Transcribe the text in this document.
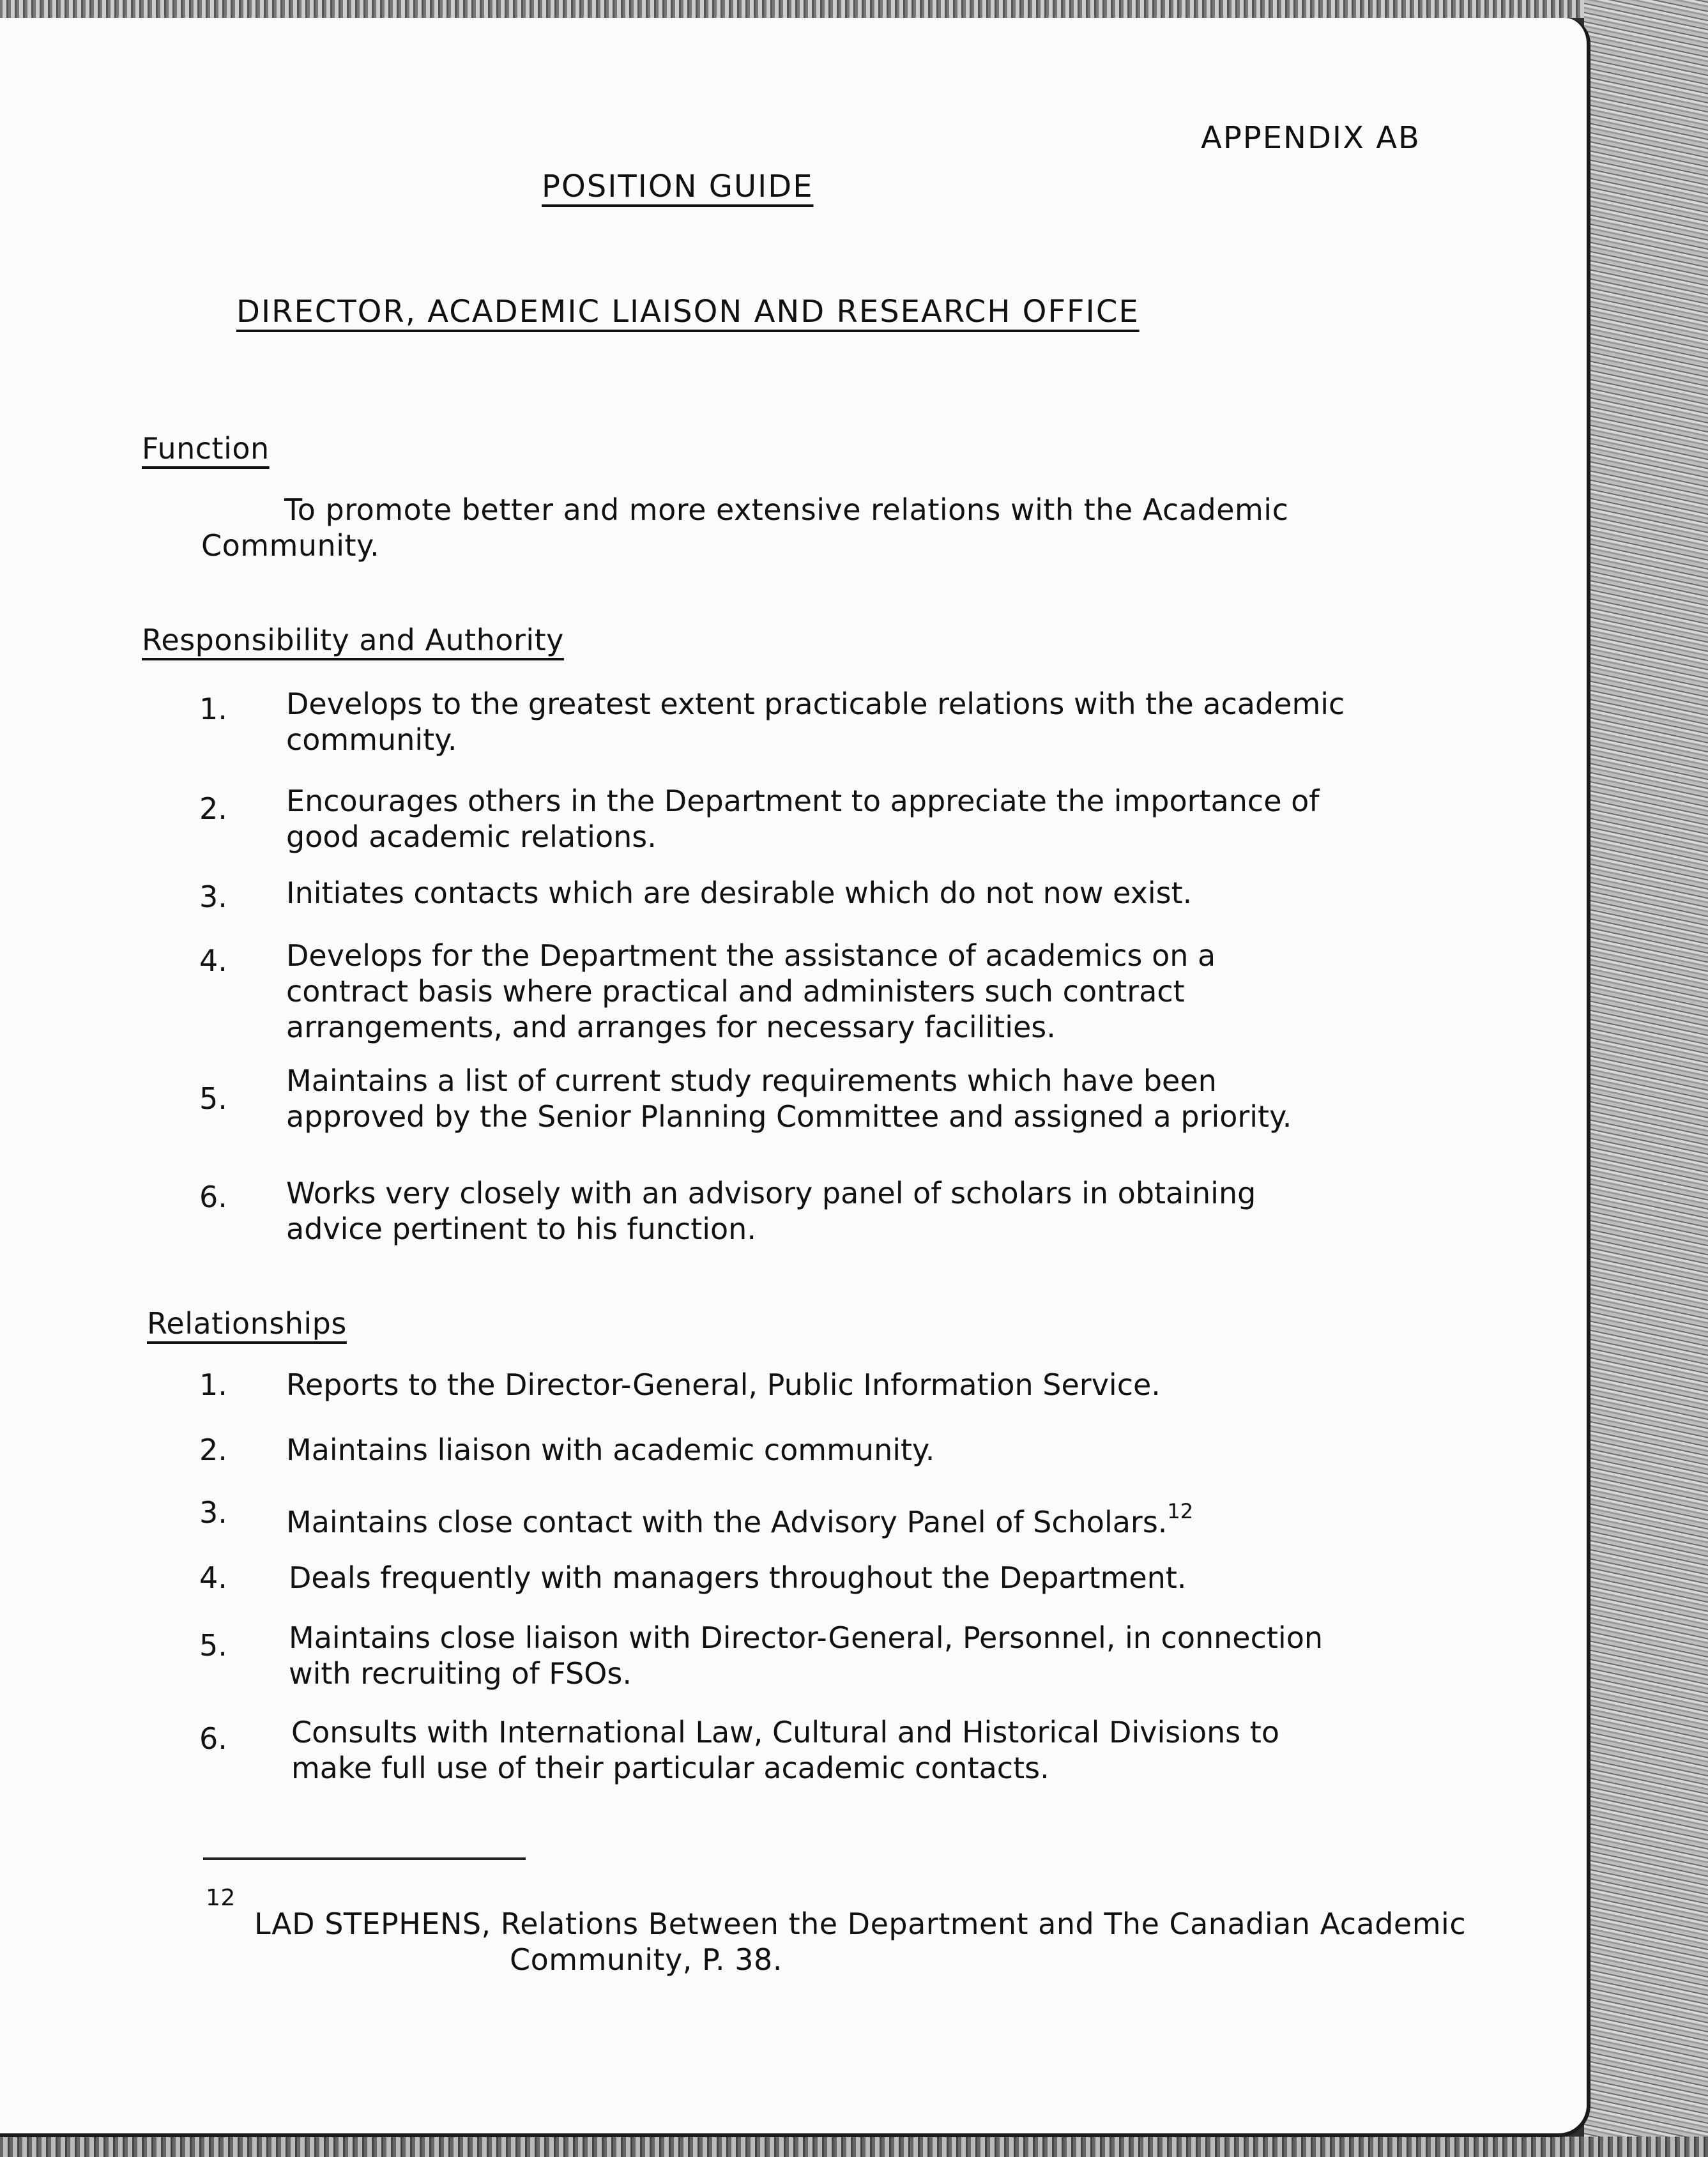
APPENDIX AB
POSITION GUIDE
DIRECTOR, ACADEMIC LIAISON AND RESEARCH OFFICE
Function
To promote better and more extensive relations with the Academic
Community.
Responsibility and Authority
1. Develops to the greatest extent practicable relations with the academic community.
2. Encourages others in the Department to appreciate the importance of good academic relations.
3. Initiates contacts which are desirable which do not now exist.
4. Develops for the Department the assistance of academics on a contract basis where practical and administers such contract arrangements, and arranges for necessary facilities.
5.
Maintains a list of current study requirements which have been approved by the Senior Planning Committee and assigned a priority.
6. Works very closely with an advisory panel of scholars in obtaining advice pertinent to his function.
Relationships
1. Reports to the Director-General, Public Information Service.
2. Maintains liaison with academic community.
3. Maintains close contact with the Advisory Panel of Scholars.$^{12}$
4. Deals frequently with managers throughout the Department.
5. Maintains close liaison with Director-General, Personnel, in connection with recruiting of FSOs.
6. Consults with International Law, Cultural and Historical Divisions to make full use of their particular academic contacts.
12
LAD STEPHENS, Relations Between the Department and The Canadian Academic
Community, P. 38.
